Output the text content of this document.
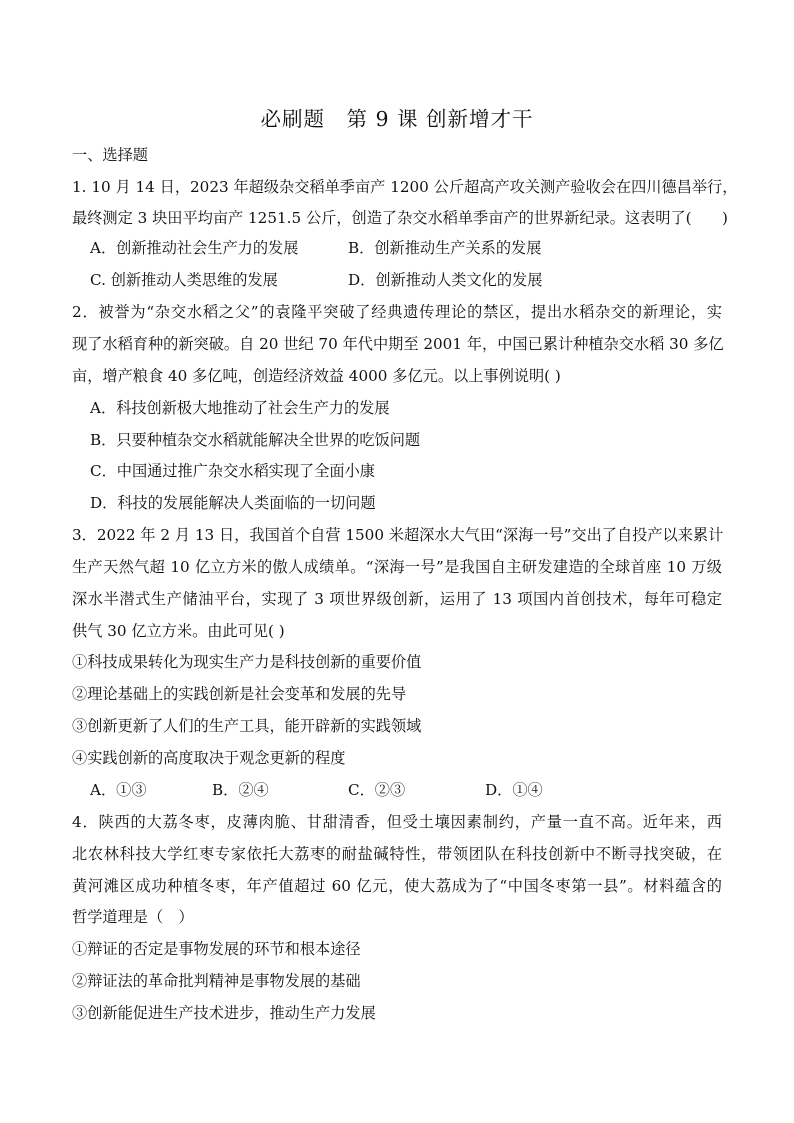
必刷题　第 9 课 创新增才干
一、选择题
1. 10 月 14 日，2023 年超级杂交稻单季亩产 1200 公斤超高产攻关测产验收会在四川德昌举行，
最终测定 3 块田平均亩产 1251.5 公斤，创造了杂交水稻单季亩产的世界新纪录。这表明了(　　)
A．创新推动社会生产力的发展	B．创新推动生产关系的发展
C. 创新推动人类思维的发展	D．创新推动人类文化的发展
2．被誉为“杂交水稻之父”的袁隆平突破了经典遗传理论的禁区，提出水稻杂交的新理论，实
现了水稻育种的新突破。自 20 世纪 70 年代中期至 2001 年，中国已累计种植杂交水稻 30 多亿
亩，增产粮食 40 多亿吨，创造经济效益 4000 多亿元。以上事例说明( )
A．科技创新极大地推动了社会生产力的发展
B．只要种植杂交水稻就能解决全世界的吃饭问题
C．中国通过推广杂交水稻实现了全面小康
D．科技的发展能解决人类面临的一切问题
3．2022 年 2 月 13 日，我国首个自营 1500 米超深水大气田“深海一号”交出了自投产以来累计
生产天然气超 10 亿立方米的傲人成绩单。“深海一号”是我国自主研发建造的全球首座 10 万级
深水半潜式生产储油平台，实现了 3 项世界级创新，运用了 13 项国内首创技术，每年可稳定
供气 30 亿立方米。由此可见( )
①科技成果转化为现实生产力是科技创新的重要价值
②理论基础上的实践创新是社会变革和发展的先导
③创新更新了人们的生产工具，能开辟新的实践领域
④实践创新的高度取决于观念更新的程度
A．①③	B．②④	C．②③	D．①④
4．陕西的大荔冬枣，皮薄肉脆、甘甜清香，但受土壤因素制约，产量一直不高。近年来，西
北农林科技大学红枣专家依托大荔枣的耐盐碱特性，带领团队在科技创新中不断寻找突破，在
黄河滩区成功种植冬枣，年产值超过 60 亿元，使大荔成为了“中国冬枣第一县”。材料蕴含的
哲学道理是（　）
①辩证的否定是事物发展的环节和根本途径
②辩证法的革命批判精神是事物发展的基础
③创新能促进生产技术进步，推动生产力发展
